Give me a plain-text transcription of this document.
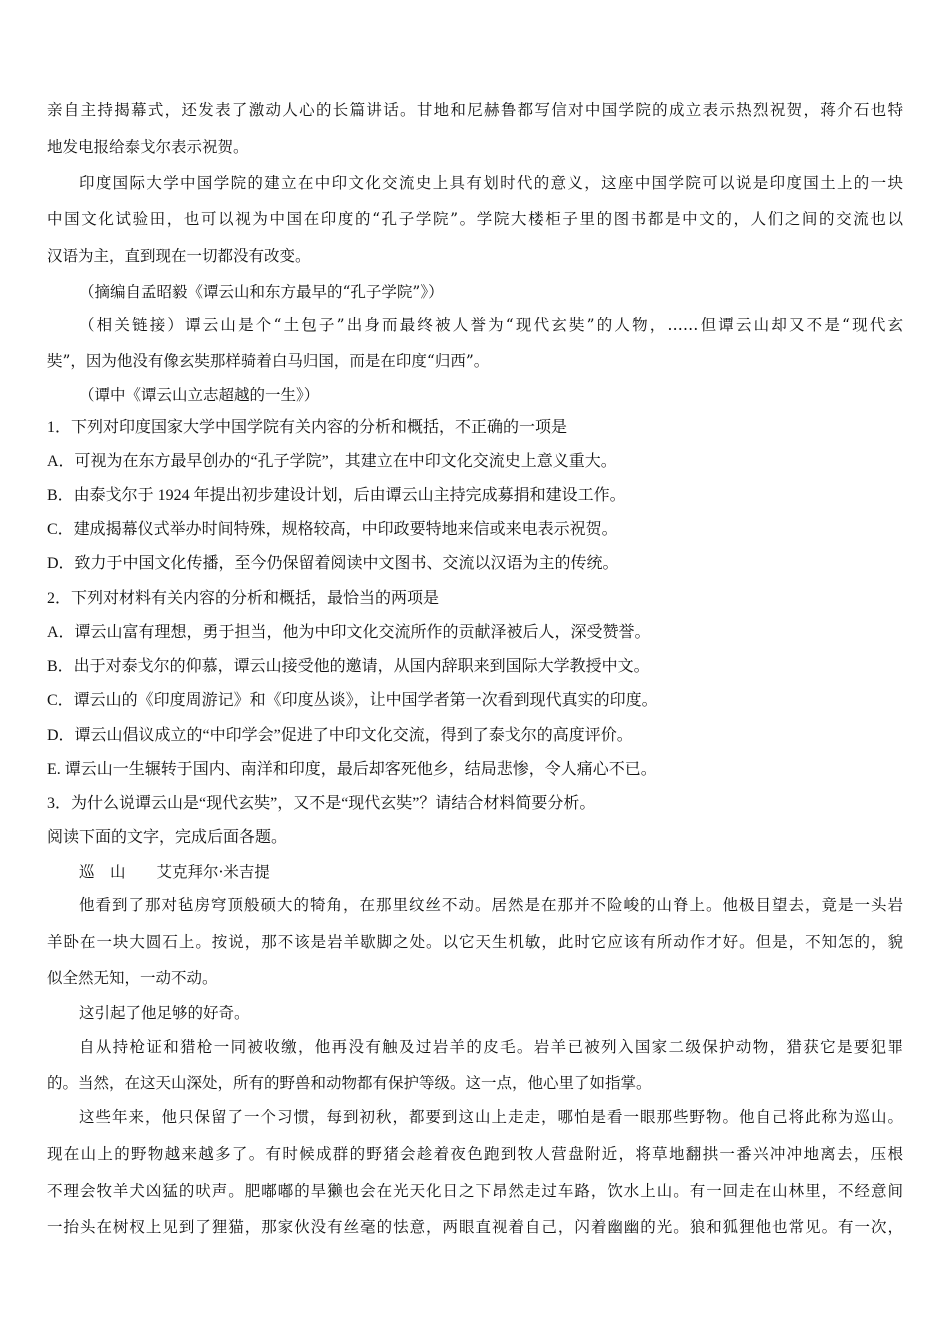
亲自主持揭幕式，还发表了激动人心的长篇讲话。甘地和尼赫鲁都写信对中国学院的成立表示热烈祝贺，蒋介石也特

地发电报给泰戈尔表示祝贺。

印度国际大学中国学院的建立在中印文化交流史上具有划时代的意义，这座中国学院可以说是印度国土上的一块

中国文化试验田，也可以视为中国在印度的“孔子学院”。学院大楼柜子里的图书都是中文的，人们之间的交流也以

汉语为主，直到现在一切都没有改变。

（摘编自孟昭毅《谭云山和东方最早的“孔子学院”》）

（相关链接）谭云山是个“土包子”出身而最终被人誉为“现代玄奘”的人物，……但谭云山却又不是“现代玄

奘”，因为他没有像玄奘那样骑着白马归国，而是在印度“归西”。

（谭中《谭云山立志超越的一生》）

1．下列对印度国家大学中国学院有关内容的分析和概括，不正确的一项是

A．可视为在东方最早创办的“孔子学院”，其建立在中印文化交流史上意义重大。

B．由泰戈尔于 1924 年提出初步建设计划，后由谭云山主持完成募捐和建设工作。

C．建成揭幕仪式举办时间特殊，规格较高，中印政要特地来信或来电表示祝贺。

D．致力于中国文化传播，至今仍保留着阅读中文图书、交流以汉语为主的传统。

2．下列对材料有关内容的分析和概括，最恰当的两项是

A．谭云山富有理想，勇于担当，他为中印文化交流所作的贡献泽被后人，深受赞誉。

B．出于对泰戈尔的仰慕，谭云山接受他的邀请，从国内辞职来到国际大学教授中文。

C．谭云山的《印度周游记》和《印度丛谈》，让中国学者第一次看到现代真实的印度。

D．谭云山倡议成立的“中印学会”促进了中印文化交流，得到了泰戈尔的高度评价。

E. 谭云山一生辗转于国内、南洋和印度，最后却客死他乡，结局悲惨，令人痛心不已。

3．为什么说谭云山是“现代玄奘”，又不是“现代玄奘”？请结合材料简要分析。

阅读下面的文字，完成后面各题。

巡　山　　艾克拜尔·米吉提

他看到了那对毡房穹顶般硕大的犄角，在那里纹丝不动。居然是在那并不险峻的山脊上。他极目望去，竟是一头岩

羊卧在一块大圆石上。按说，那不该是岩羊歇脚之处。以它天生机敏，此时它应该有所动作才好。但是，不知怎的，貌

似全然无知，一动不动。

这引起了他足够的好奇。

自从持枪证和猎枪一同被收缴，他再没有触及过岩羊的皮毛。岩羊已被列入国家二级保护动物，猎获它是要犯罪

的。当然，在这天山深处，所有的野兽和动物都有保护等级。这一点，他心里了如指掌。

这些年来，他只保留了一个习惯，每到初秋，都要到这山上走走，哪怕是看一眼那些野物。他自己将此称为巡山。

现在山上的野物越来越多了。有时候成群的野猪会趁着夜色跑到牧人营盘附近，将草地翻拱一番兴冲冲地离去，压根

不理会牧羊犬凶猛的吠声。肥嘟嘟的旱獭也会在光天化日之下昂然走过车路，饮水上山。有一回走在山林里，不经意间

一抬头在树杈上见到了狸猫，那家伙没有丝毫的怯意，两眼直视着自己，闪着幽幽的光。狼和狐狸他也常见。有一次，
